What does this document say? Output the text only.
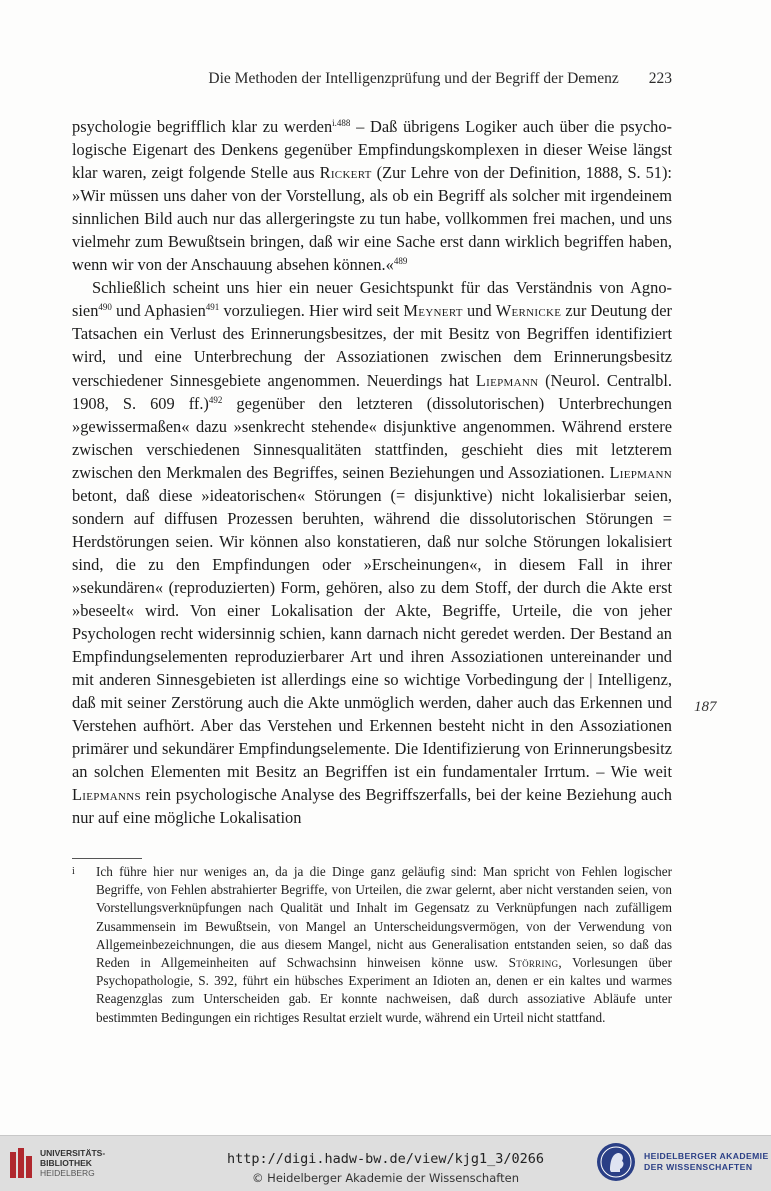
Die Methoden der Intelligenzprüfung und der Begriff der Demenz 223

psychologie begrifflich klar zu werden$^{i.488}$ – Daß übrigens Logiker auch über die psychologische Eigenart des Denkens gegenüber Empfindungskomplexen in dieser Weise längst klar waren, zeigt folgende Stelle aus Rickert (Zur Lehre von der Definition, 1888, S. 51): »Wir müssen uns daher von der Vorstellung, als ob ein Begriff als solcher mit irgendeinem sinnlichen Bild auch nur das allergeringste zu tun habe, vollkommen frei machen, und uns vielmehr zum Bewußtsein bringen, daß wir eine Sache erst dann wirklich begriffen haben, wenn wir von der Anschauung absehen können.«$^{489}$

Schließlich scheint uns hier ein neuer Gesichtspunkt für das Verständnis von Agnosien$^{490}$ und Aphasien$^{491}$ vorzuliegen. Hier wird seit Meynert und Wernicke zur Deutung der Tatsachen ein Verlust des Erinnerungsbesitzes, der mit Besitz von Begriffen identifiziert wird, und eine Unterbrechung der Assoziationen zwischen dem Erinnerungsbesitz verschiedener Sinnesgebiete angenommen. Neuerdings hat Liepmann (Neurol. Centralbl. 1908, S. 609 ff.)$^{492}$ gegenüber den letzteren (dissolutorischen) Unterbrechungen »gewissermaßen« dazu »senkrecht stehende« disjunktive angenommen. Während erstere zwischen verschiedenen Sinnesqualitäten stattfinden, geschieht dies mit letzterem zwischen den Merkmalen des Begriffes, seinen Beziehungen und Assoziationen. Liepmann betont, daß diese »ideatorischen« Störungen (= disjunktive) nicht lokalisierbar seien, sondern auf diffusen Prozessen beruhten, während die dissolutorischen Störungen = Herdstörungen seien. Wir können also konstatieren, daß nur solche Störungen lokalisiert sind, die zu den Empfindungen oder »Erscheinungen«, in diesem Fall in ihrer »sekundären« (reproduzierten) Form, gehören, also zu dem Stoff, der durch die Akte erst »beseelt« wird. Von einer Lokalisation der Akte, Begriffe, Urteile, die von jeher Psychologen recht widersinnig schien, kann darnach nicht geredet werden. Der Bestand an Empfindungselementen reproduzierbarer Art und ihren Assoziationen untereinander und mit anderen Sinnesgebieten ist allerdings eine so wichtige Vorbedingung der | Intelligenz, daß mit seiner Zerstörung auch die Akte unmöglich werden, daher auch das Erkennen und Verstehen aufhört. Aber das Verstehen und Erkennen besteht nicht in den Assoziationen primärer und sekundärer Empfindungselemente. Die Identifizierung von Erinnerungsbesitz an solchen Elementen mit Besitz an Begriffen ist ein fundamentaler Irrtum. – Wie weit Liepmanns rein psychologische Analyse des Begriffszerfalls, bei der keine Beziehung auch nur auf eine mögliche Lokalisation

187
i Ich führe hier nur weniges an, da ja die Dinge ganz geläufig sind: Man spricht von Fehlen logischer Begriffe, von Fehlen abstrahierter Begriffe, von Urteilen, die zwar gelernt, aber nicht verstanden seien, von Vorstellungsverknüpfungen nach Qualität und Inhalt im Gegensatz zu Verknüpfungen nach zufälligem Zusammensein im Bewußtsein, von Mangel an Unterscheidungsvermögen, von der Verwendung von Allgemeinbezeichnungen, die aus diesem Mangel, nicht aus Generalisation entstanden seien, so daß das Reden in Allgemeinheiten auf Schwachsinn hinweisen könne usw. Störring, Vorlesungen über Psychopathologie, S. 392, führt ein hübsches Experiment an Idioten an, denen er ein kaltes und warmes Reagenzglas zum Unterscheiden gab. Er konnte nachweisen, daß durch assoziative Abläufe unter bestimmten Bedingungen ein richtiges Resultat erzielt wurde, während ein Urteil nicht stattfand.
UNIVERSITÄTS-
BIBLIOTHEK
HEIDELBERG
http://digi.hadw-bw.de/view/kjg1_3/0266
© Heidelberger Akademie der Wissenschaften
HEIDELBERGER AKADEMIE
DER WISSENSCHAFTEN
